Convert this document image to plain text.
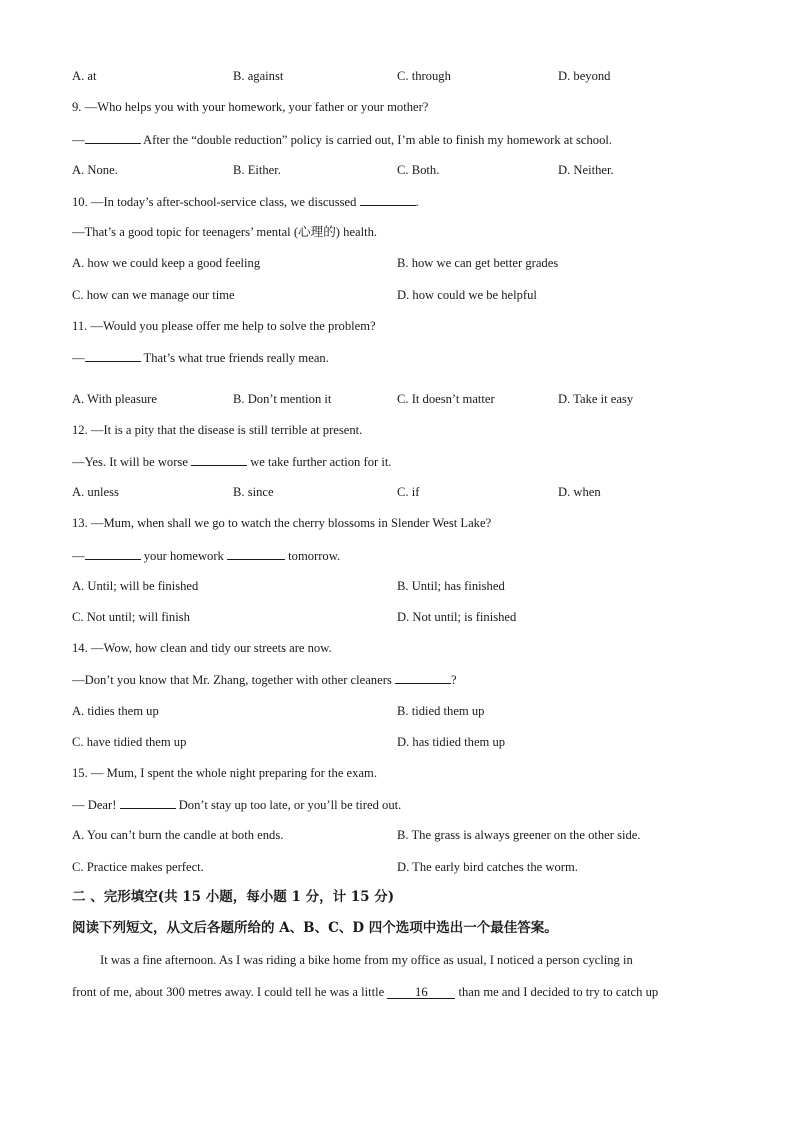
A. at	B. against	C. through	D. beyond
9. —Who helps you with your homework, your father or your mother?
—	After the “double reduction” policy is carried out, I’m able to finish my homework at school.
A. None.	B. Either.	C. Both.	D. Neither.
10. —In today’s after-school-service class, we discussed	.
—That’s a good topic for teenagers’ mental (心理的) health.
A. how we could keep a good feeling	B. how we can get better grades
C. how can we manage our time	D. how could we be helpful
11. —Would you please offer me help to solve the problem?
—	That’s what true friends really mean.
A. With pleasure	B. Don’t mention it	C. It doesn’t matter	D. Take it easy
12. —It is a pity that the disease is still terrible at present.
—Yes. It will be worse	we take further action for it.
A. unless	B. since	C. if	D. when
13. —Mum, when shall we go to watch the cherry blossoms in Slender West Lake?
—	your homework	tomorrow.
A. Until; will be finished	B. Until; has finished
C. Not until; will finish	D. Not until; is finished
14. —Wow, how clean and tidy our streets are now.
—Don’t you know that Mr. Zhang, together with other cleaners	?
A. tidies them up	B. tidied them up
C. have tidied them up	D. has tidied them up
15. — Mum, I spent the whole night preparing for the exam.
— Dear!	Don’t stay up too late, or you’ll be tired out.
A. You can’t burn the candle at both ends.	B. The grass is always greener on the other side.
C. Practice makes perfect.	D. The early bird catches the worm.
二 、完形填空(共 15 小题，每小题 1 分，计 15 分)
阅读下列短文，从文后各题所给的 A、B、C、D 四个选项中选出一个最佳答案。
It was a fine afternoon. As I was riding a bike home from my office as usual, I noticed a person cycling in
front of me, about 300 metres away. I could tell he was a little 16 than me and I decided to try to catch up
